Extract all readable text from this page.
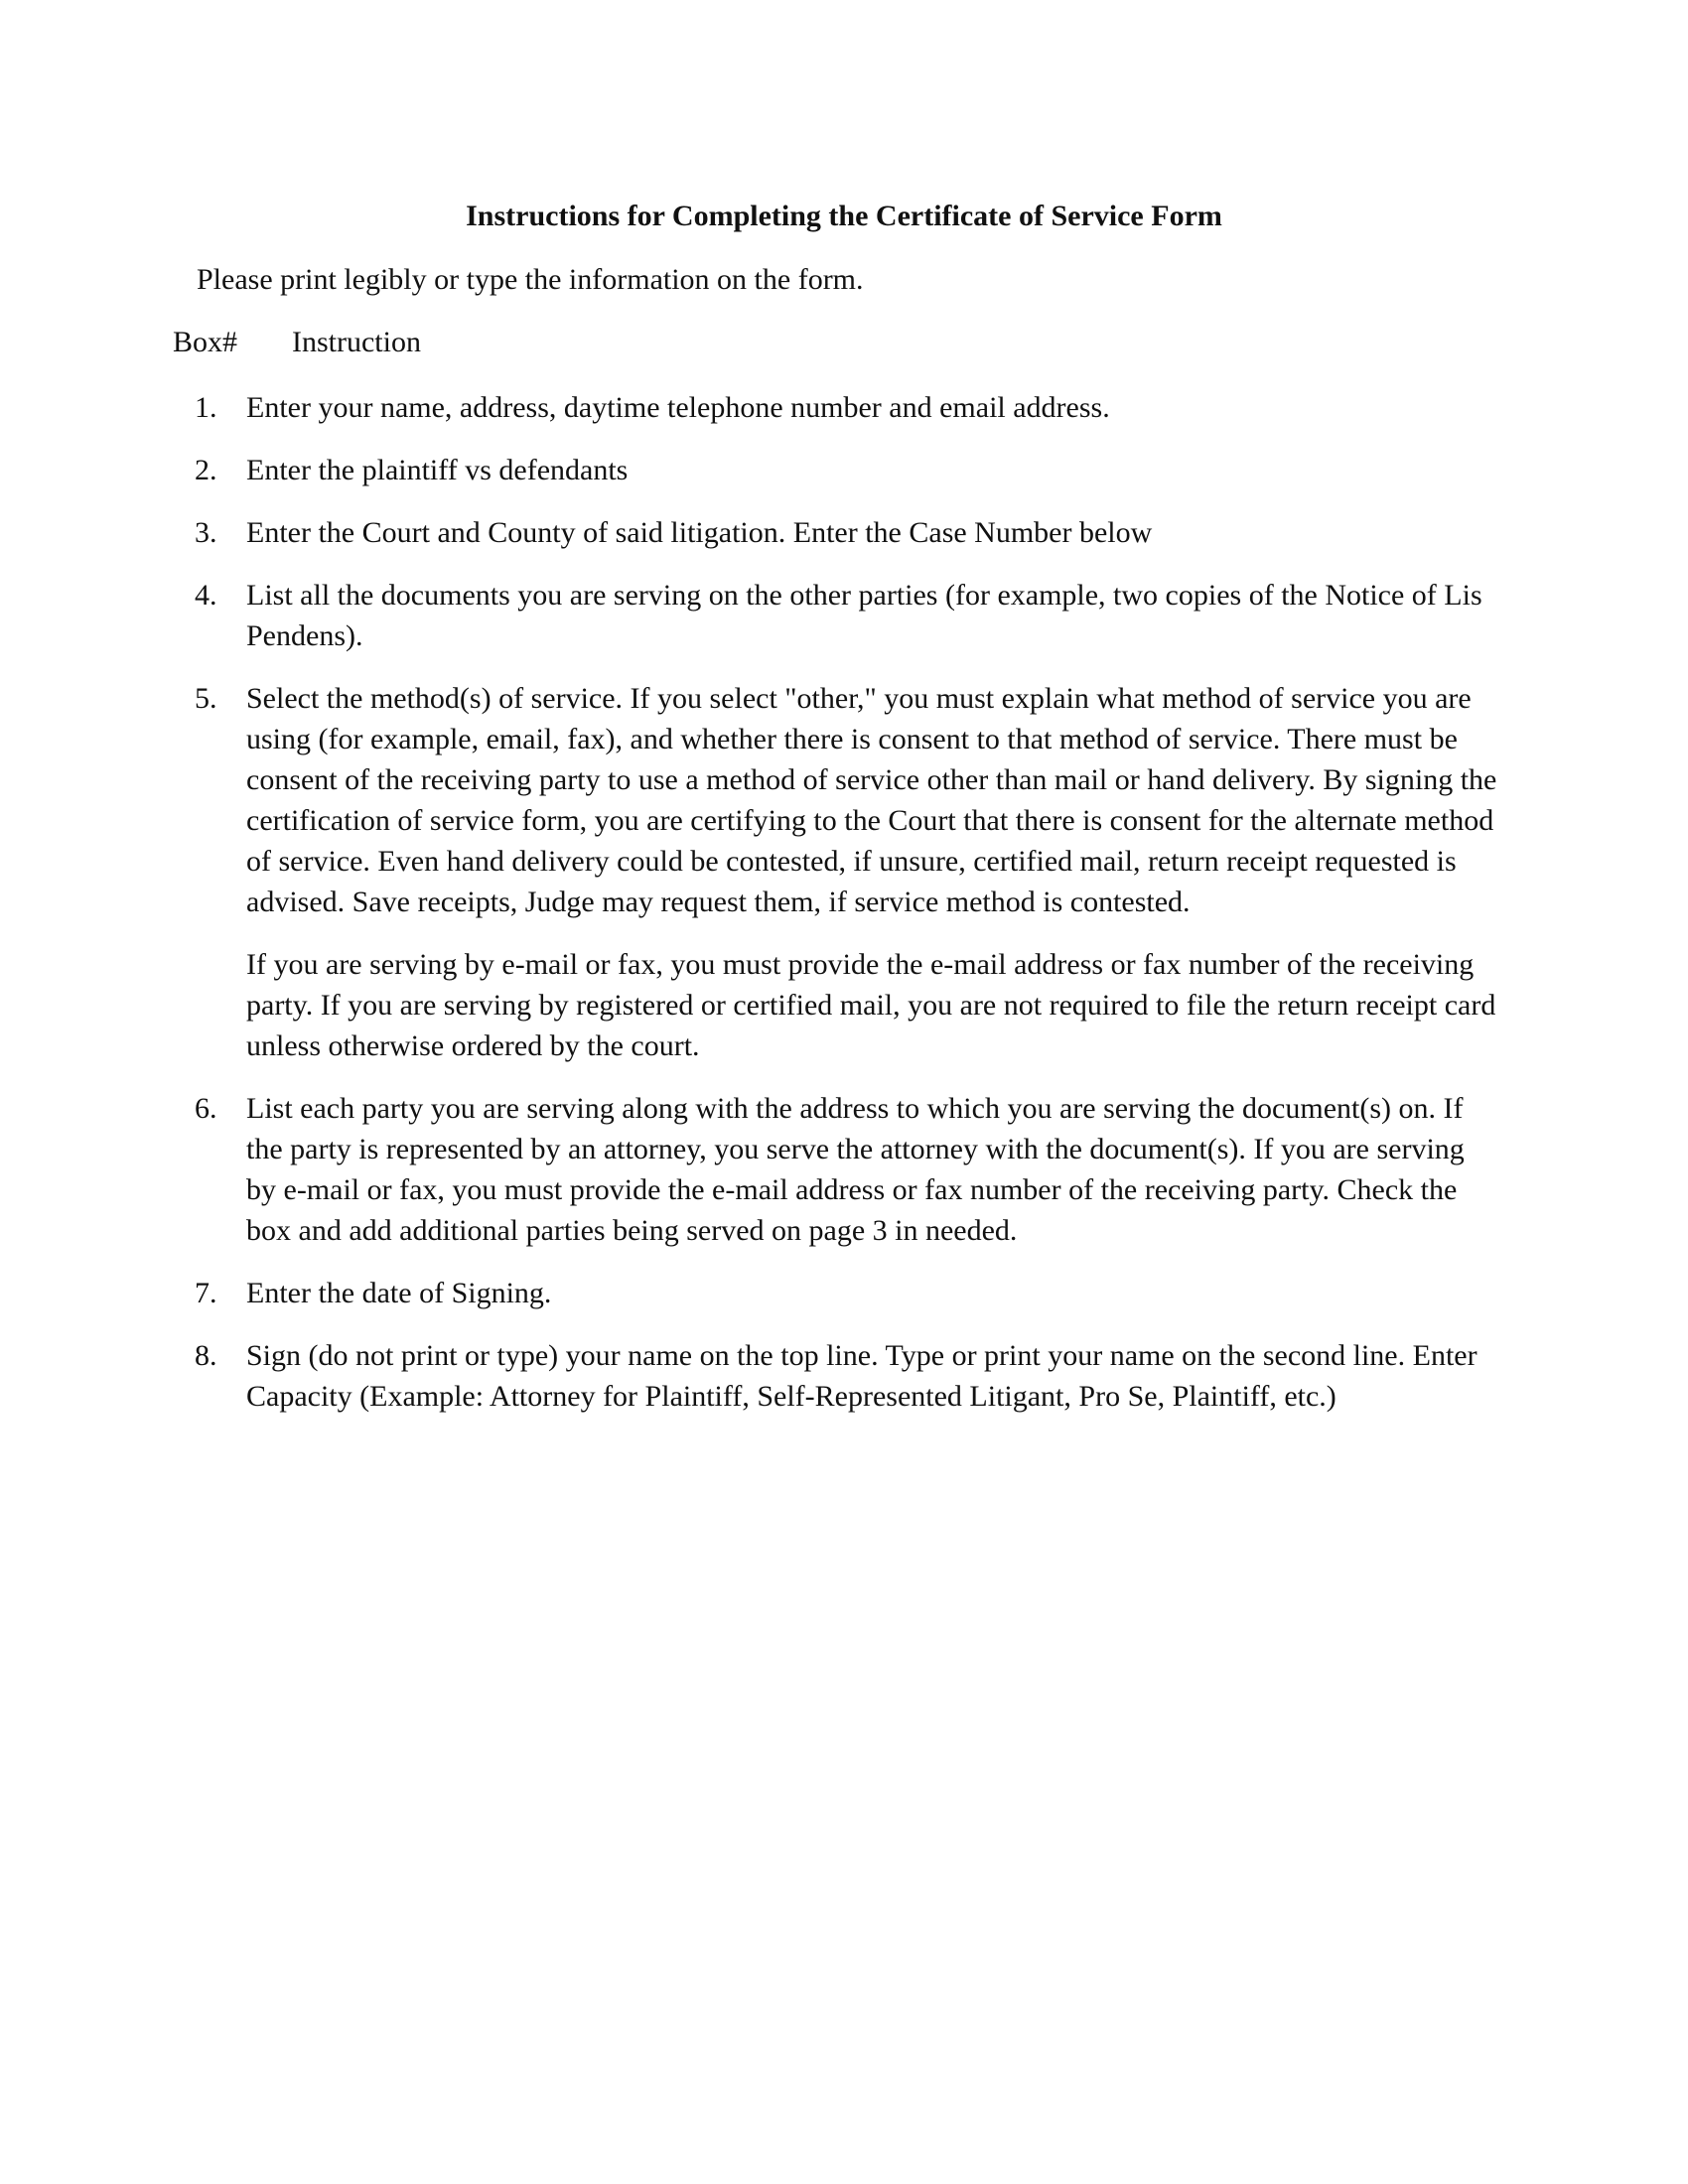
Instructions for Completing the Certificate of Service Form
Please print legibly or type the information on the form.
Box# Instruction
1. Enter your name, address, daytime telephone number and email address.
2. Enter the plaintiff vs defendants
3. Enter the Court and County of said litigation. Enter the Case Number below
4. List all the documents you are serving on the other parties (for example, two copies of the Notice of Lis Pendens).
5. Select the method(s) of service. If you select "other," you must explain what method of service you are using (for example, email, fax), and whether there is consent to that method of service. There must be consent of the receiving party to use a method of service other than mail or hand delivery. By signing the certification of service form, you are certifying to the Court that there is consent for the alternate method of service. Even hand delivery could be contested, if unsure, certified mail, return receipt requested is advised. Save receipts, Judge may request them, if service method is contested.
If you are serving by e-mail or fax, you must provide the e-mail address or fax number of the receiving party. If you are serving by registered or certified mail, you are not required to file the return receipt card unless otherwise ordered by the court.
6. List each party you are serving along with the address to which you are serving the document(s) on. If the party is represented by an attorney, you serve the attorney with the document(s). If you are serving by e-mail or fax, you must provide the e-mail address or fax number of the receiving party. Check the box and add additional parties being served on page 3 in needed.
7. Enter the date of Signing.
8. Sign (do not print or type) your name on the top line. Type or print your name on the second line. Enter Capacity (Example: Attorney for Plaintiff, Self-Represented Litigant, Pro Se, Plaintiff, etc.)
